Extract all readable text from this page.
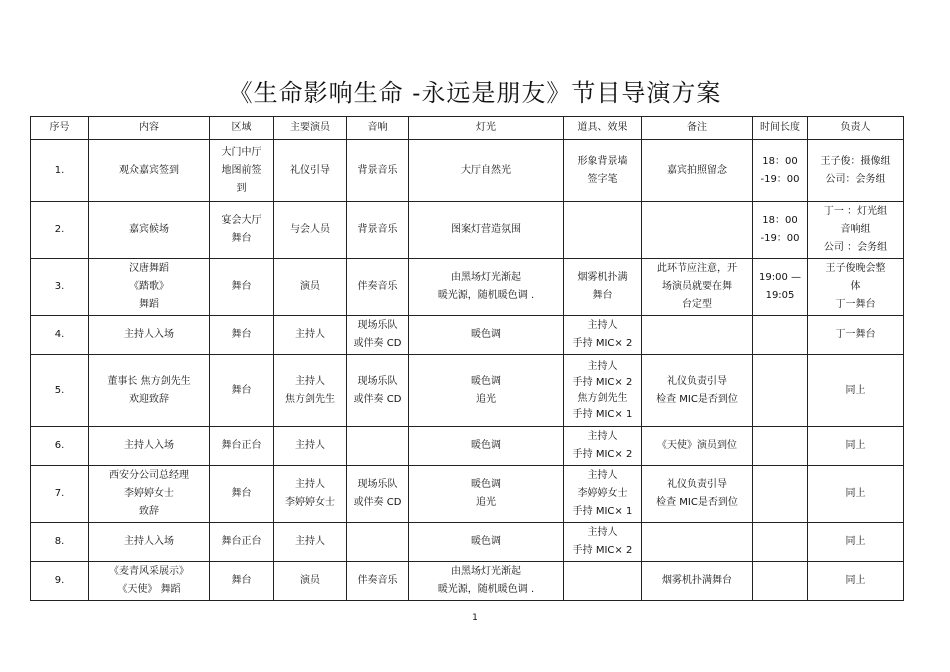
《生命影响生命 -永远是朋友》节目导演方案
序号	内容	区域	主要演员	音响	灯光	道具、效果	备注	时间长度	负责人

1.	观众嘉宾签到	大门中厅
地图前签
到	礼仪引导	背景音乐	大厅自然光	形象背景墙
签字笔	嘉宾拍照留念	18：00
-19：00	王子俊：摄像组
公司：会务组

2.	嘉宾候场	宴会大厅
舞台	与会人员	背景音乐	图案灯营造氛围			18：00
-19：00	丁一 ：灯光组
音响组
公司 ：会务组

3.	汉唐舞蹈
《踏歌》
舞蹈	舞台	演员	伴奏音乐	由黑场灯光渐起
暖光源，随机暖色调 .	烟雾机扑满
舞台	此环节应注意，开
场演员就要在舞
台定型	19:00 —
19:05	王子俊晚会整
体
丁一舞台

4.	主持人入场	舞台	主持人	现场乐队
或伴奏 CD	暖色调	主持人
手持 MIC× 2			丁一舞台

5.	董事长 焦方剑先生
欢迎致辞	舞台	主持人
焦方剑先生	现场乐队
或伴奏 CD	暖色调
追光	主持人
手持 MIC× 2
焦方剑先生
手持 MIC× 1	礼仪负责引导
检查 MIC是否到位		同上

6.	主持人入场	舞台正台	主持人		暖色调	主持人
手持 MIC× 2	《天使》演员到位		同上

7.	西安分公司总经理
李婷婷女士
致辞	舞台	主持人
李婷婷女士	现场乐队
或伴奏 CD	暖色调
追光	主持人
李婷婷女士
手持 MIC× 1	礼仪负责引导
检查 MIC是否到位		同上

8.	主持人入场	舞台正台	主持人		暖色调	主持人
手持 MIC× 2			同上

9.	《麦青风采展示》
《天使》 舞蹈	舞台	演员	伴奏音乐	由黑场灯光渐起
暖光源，随机暖色调 .		烟雾机扑满舞台		同上
1
